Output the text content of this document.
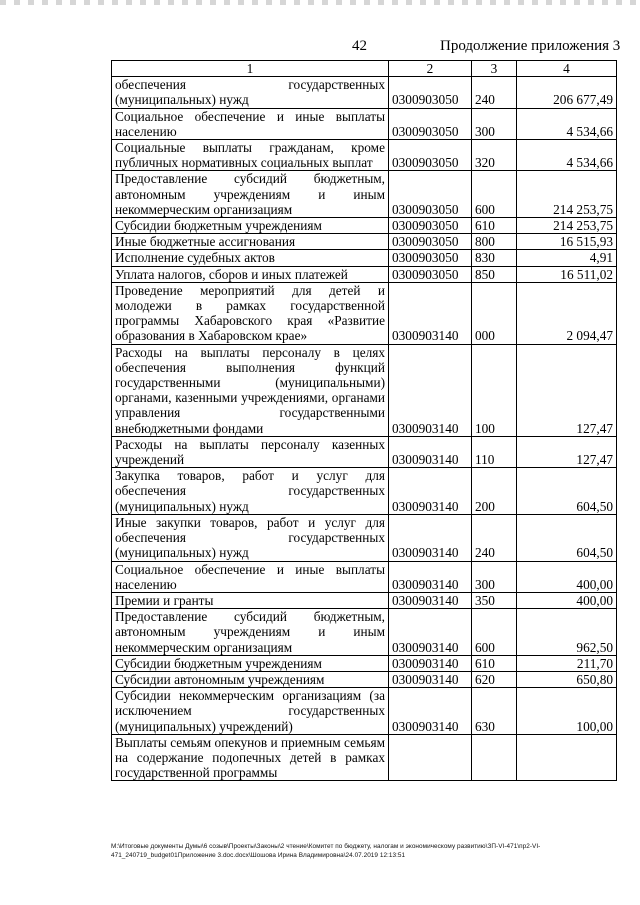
42	Продолжение приложения 3
1	2	3	4
обеспечения государственных (муниципальных) нужд	0300903050	240	206 677,49
Социальное обеспечение и иные выплаты населению	0300903050	300	4 534,66
Социальные выплаты гражданам, кроме публичных нормативных социальных выплат	0300903050	320	4 534,66
Предоставление субсидий бюджетным, автономным учреждениям и иным некоммерческим организациям	0300903050	600	214 253,75
Субсидии бюджетным учреждениям	0300903050	610	214 253,75
Иные бюджетные ассигнования	0300903050	800	16 515,93
Исполнение судебных актов	0300903050	830	4,91
Уплата налогов, сборов и иных платежей	0300903050	850	16 511,02
Проведение мероприятий для детей и молодежи в рамках государственной программы Хабаровского края «Развитие образования в Хабаровском крае»	0300903140	000	2 094,47
Расходы на выплаты персоналу в целях обеспечения выполнения функций государственными (муниципальными) органами, казенными учреждениями, органами управления государственными внебюджетными фондами	0300903140	100	127,47
Расходы на выплаты персоналу казенных учреждений	0300903140	110	127,47
Закупка товаров, работ и услуг для обеспечения государственных (муниципальных) нужд	0300903140	200	604,50
Иные закупки товаров, работ и услуг для обеспечения государственных (муниципальных) нужд	0300903140	240	604,50
Социальное обеспечение и иные выплаты населению	0300903140	300	400,00
Премии и гранты	0300903140	350	400,00
Предоставление субсидий бюджетным, автономным учреждениям и иным некоммерческим организациям	0300903140	600	962,50
Субсидии бюджетным учреждениям	0300903140	610	211,70
Субсидии автономным учреждениям	0300903140	620	650,80
Субсидии некоммерческим организациям (за исключением государственных (муниципальных) учреждений)	0300903140	630	100,00
Выплаты семьям опекунов и приемным семьям на содержание подопечных детей в рамках государственной программы			
M:\Итоговые документы Думы\6 созыв\Проекты\Законы\2 чтение\Комитет по бюджету, налогам и экономическому развитию\ЗП-VI-471\пр2-VI-471_240719_budget01Приложение 3.doc.docx\Шошова Ирина Владимировна\24.07.2019 12:13:51
